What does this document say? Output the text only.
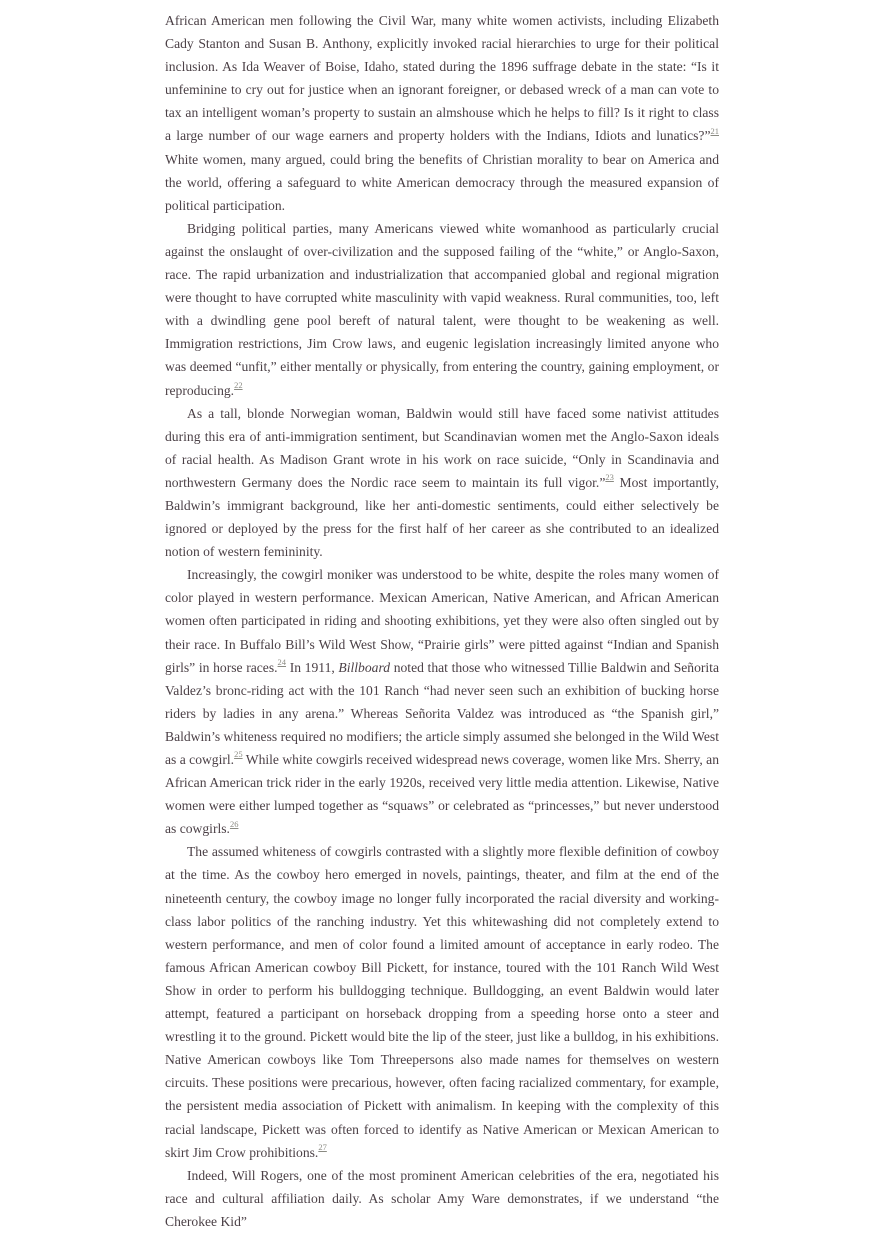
African American men following the Civil War, many white women activists, including Elizabeth Cady Stanton and Susan B. Anthony, explicitly invoked racial hierarchies to urge for their political inclusion. As Ida Weaver of Boise, Idaho, stated during the 1896 suffrage debate in the state: “Is it unfeminine to cry out for justice when an ignorant foreigner, or debased wreck of a man can vote to tax an intelligent woman’s property to sustain an almshouse which he helps to fill? Is it right to class a large number of our wage earners and property holders with the Indians, Idiots and lunatics?”$^{21}$ White women, many argued, could bring the benefits of Christian morality to bear on America and the world, offering a safeguard to white American democracy through the measured expansion of political participation.

Bridging political parties, many Americans viewed white womanhood as particularly crucial against the onslaught of over-civilization and the supposed failing of the “white,” or Anglo-Saxon, race. The rapid urbanization and industrialization that accompanied global and regional migration were thought to have corrupted white masculinity with vapid weakness. Rural communities, too, left with a dwindling gene pool bereft of natural talent, were thought to be weakening as well. Immigration restrictions, Jim Crow laws, and eugenic legislation increasingly limited anyone who was deemed “unfit,” either mentally or physically, from entering the country, gaining employment, or reproducing.$^{22}$

As a tall, blonde Norwegian woman, Baldwin would still have faced some nativist attitudes during this era of anti-immigration sentiment, but Scandinavian women met the Anglo-Saxon ideals of racial health. As Madison Grant wrote in his work on race suicide, “Only in Scandinavia and northwestern Germany does the Nordic race seem to maintain its full vigor.”$^{23}$ Most importantly, Baldwin’s immigrant background, like her anti-domestic sentiments, could either selectively be ignored or deployed by the press for the first half of her career as she contributed to an idealized notion of western femininity.

Increasingly, the cowgirl moniker was understood to be white, despite the roles many women of color played in western performance. Mexican American, Native American, and African American women often participated in riding and shooting exhibitions, yet they were also often singled out by their race. In Buffalo Bill’s Wild West Show, “Prairie girls” were pitted against “Indian and Spanish girls” in horse races.$^{24}$ In 1911, Billboard noted that those who witnessed Tillie Baldwin and Señorita Valdez’s bronc-riding act with the 101 Ranch “had never seen such an exhibition of bucking horse riders by ladies in any arena.” Whereas Señorita Valdez was introduced as “the Spanish girl,” Baldwin’s whiteness required no modifiers; the article simply assumed she belonged in the Wild West as a cowgirl.$^{25}$ While white cowgirls received widespread news coverage, women like Mrs. Sherry, an African American trick rider in the early 1920s, received very little media attention. Likewise, Native women were either lumped together as “squaws” or celebrated as “princesses,” but never understood as cowgirls.$^{26}$

The assumed whiteness of cowgirls contrasted with a slightly more flexible definition of cowboy at the time. As the cowboy hero emerged in novels, paintings, theater, and film at the end of the nineteenth century, the cowboy image no longer fully incorporated the racial diversity and working-class labor politics of the ranching industry. Yet this whitewashing did not completely extend to western performance, and men of color found a limited amount of acceptance in early rodeo. The famous African American cowboy Bill Pickett, for instance, toured with the 101 Ranch Wild West Show in order to perform his bulldogging technique. Bulldogging, an event Baldwin would later attempt, featured a participant on horseback dropping from a speeding horse onto a steer and wrestling it to the ground. Pickett would bite the lip of the steer, just like a bulldog, in his exhibitions. Native American cowboys like Tom Threepersons also made names for themselves on western circuits. These positions were precarious, however, often facing racialized commentary, for example, the persistent media association of Pickett with animalism. In keeping with the complexity of this racial landscape, Pickett was often forced to identify as Native American or Mexican American to skirt Jim Crow prohibitions.$^{27}$

Indeed, Will Rogers, one of the most prominent American celebrities of the era, negotiated his race and cultural affiliation daily. As scholar Amy Ware demonstrates, if we understand “the Cherokee Kid”
